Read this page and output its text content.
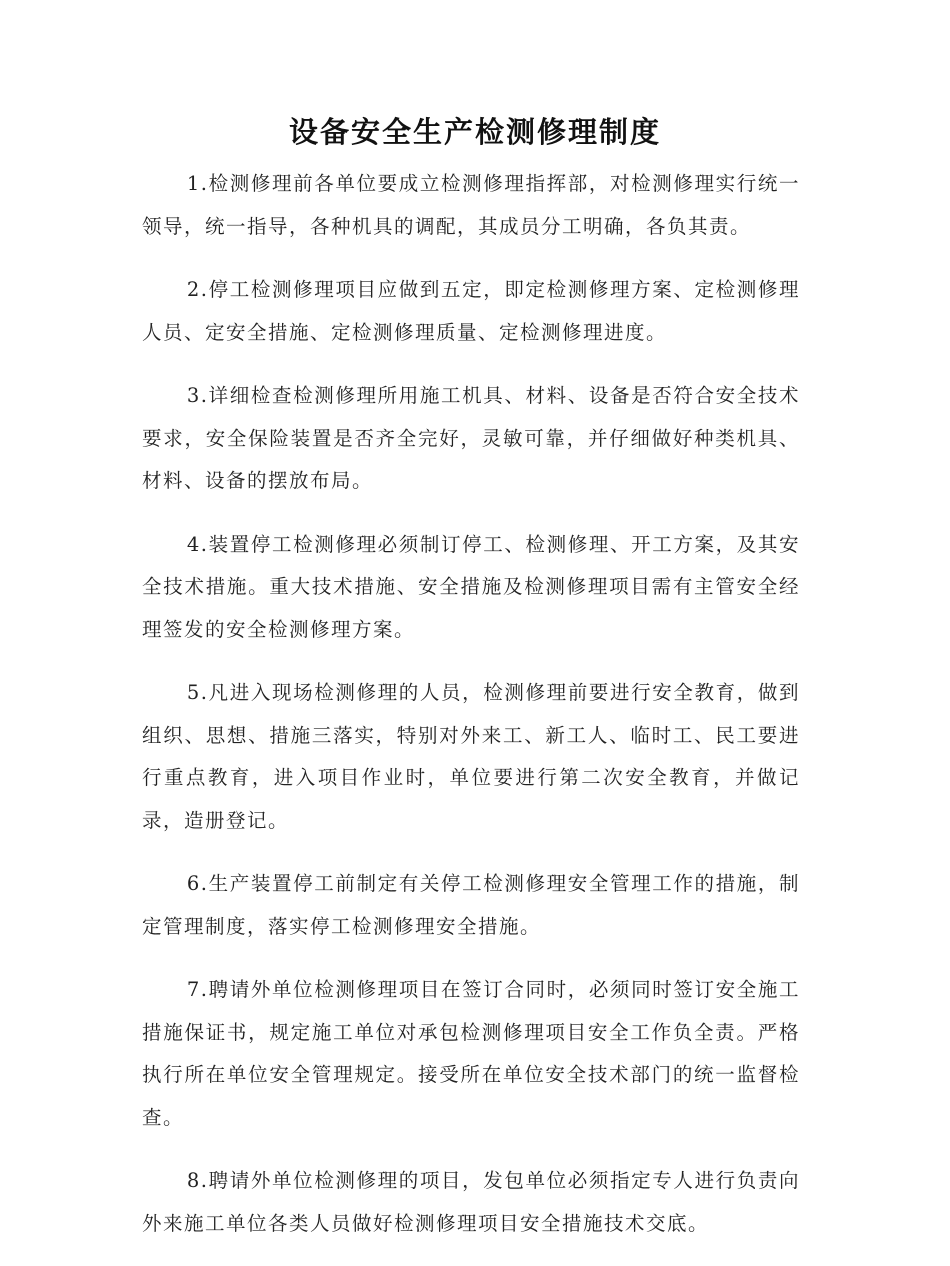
设备安全生产检测修理制度

1.检测修理前各单位要成立检测修理指挥部，对检测修理实行统一领导，统一指导，各种机具的调配，其成员分工明确，各负其责。

2.停工检测修理项目应做到五定，即定检测修理方案、定检测修理人员、定安全措施、定检测修理质量、定检测修理进度。

3.详细检查检测修理所用施工机具、材料、设备是否符合安全技术要求，安全保险装置是否齐全完好，灵敏可靠，并仔细做好种类机具、材料、设备的摆放布局。

4.装置停工检测修理必须制订停工、检测修理、开工方案，及其安全技术措施。重大技术措施、安全措施及检测修理项目需有主管安全经理签发的安全检测修理方案。

5.凡进入现场检测修理的人员，检测修理前要进行安全教育，做到组织、思想、措施三落实，特别对外来工、新工人、临时工、民工要进行重点教育，进入项目作业时，单位要进行第二次安全教育，并做记录，造册登记。

6.生产装置停工前制定有关停工检测修理安全管理工作的措施，制定管理制度，落实停工检测修理安全措施。

7.聘请外单位检测修理项目在签订合同时，必须同时签订安全施工措施保证书，规定施工单位对承包检测修理项目安全工作负全责。严格执行所在单位安全管理规定。接受所在单位安全技术部门的统一监督检查。

8.聘请外单位检测修理的项目，发包单位必须指定专人进行负责向外来施工单位各类人员做好检测修理项目安全措施技术交底。
